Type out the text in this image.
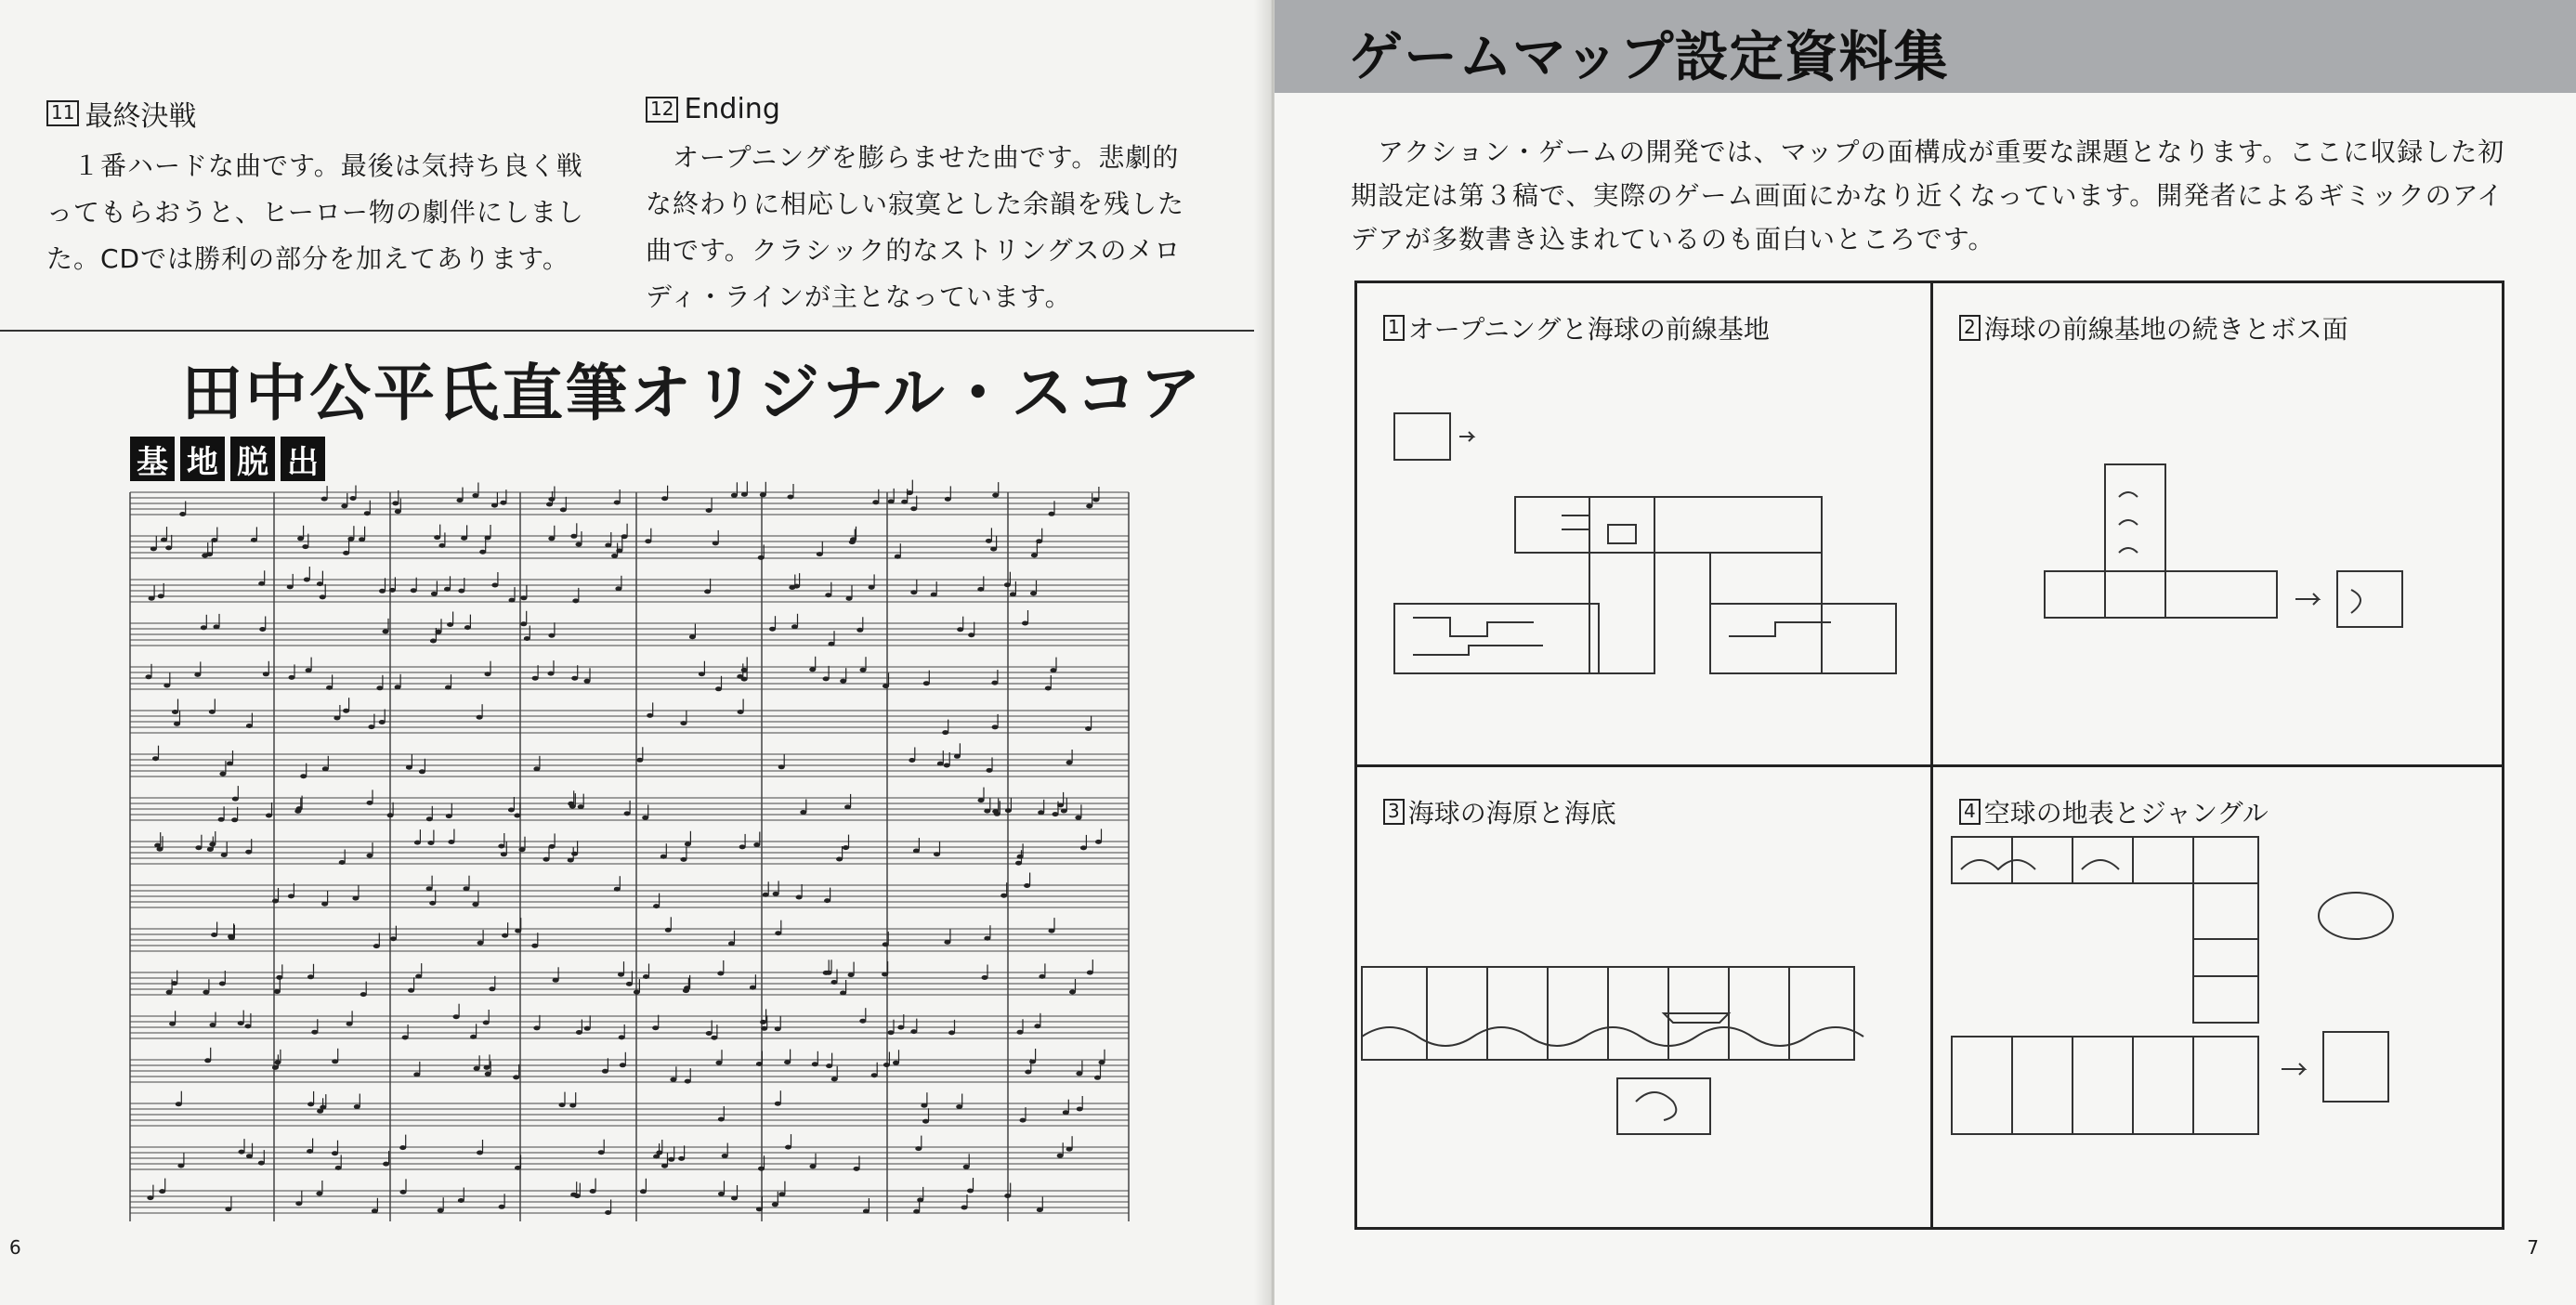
11 最終決戦
　１番ハードな曲です。最後は気持ち良く戦ってもらおうと、ヒーロー物の劇伴にしました。CDでは勝利の部分を加えてあります。
12 Ending
　オープニングを膨らませた曲です。悲劇的な終わりに相応しい寂寞とした余韻を残した曲です。クラシック的なストリングスのメロディ・ラインが主となっています。
田中公平氏直筆オリジナル・スコア
基 地 脱 出
6
ゲームマップ設定資料集
　アクション・ゲームの開発では、マップの面構成が重要な課題となります。ここに収録した初期設定は第３稿で、実際のゲーム画面にかなり近くなっています。開発者によるギミックのアイデアが多数書き込まれているのも面白いところです。
1 オープニングと海球の前線基地	2 海球の前線基地の続きとボス面
3 海球の海原と海底	4 空球の地表とジャングル
7
